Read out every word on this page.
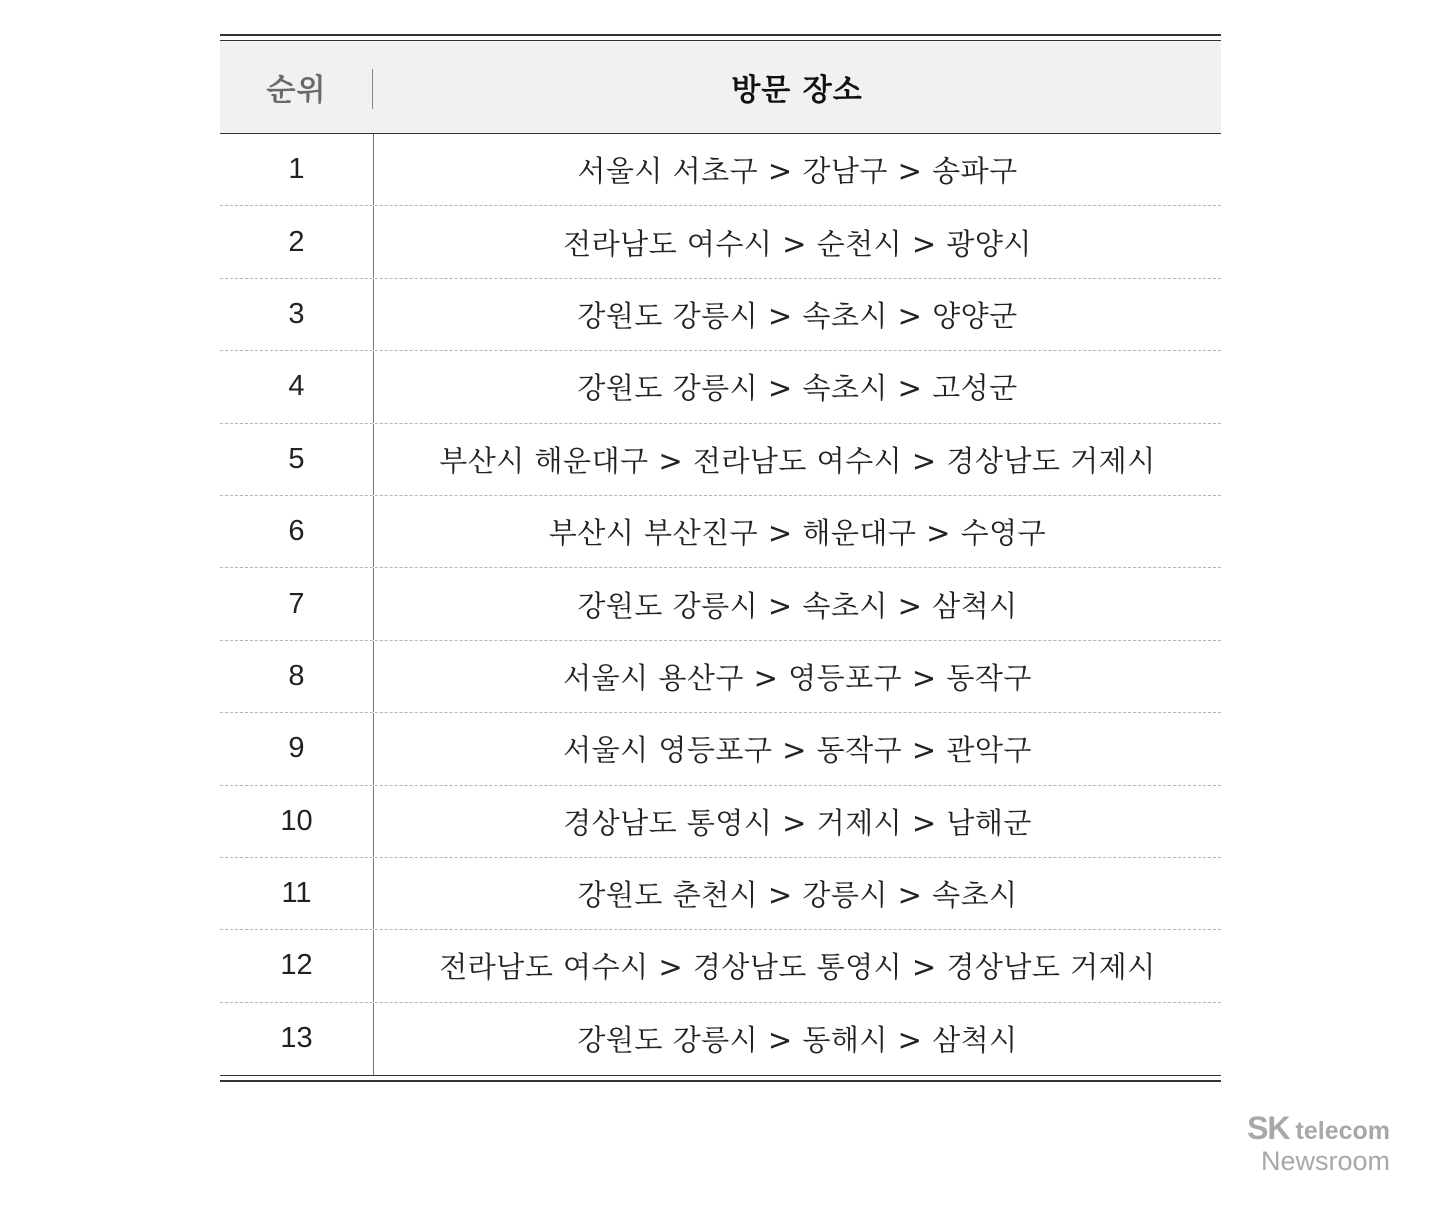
순위	방문 장소
1	서울시 서초구 > 강남구 > 송파구
2	전라남도 여수시 > 순천시 > 광양시
3	강원도 강릉시 > 속초시 > 양양군
4	강원도 강릉시 > 속초시 > 고성군
5	부산시 해운대구 > 전라남도 여수시 > 경상남도 거제시
6	부산시 부산진구 > 해운대구 > 수영구
7	강원도 강릉시 > 속초시 > 삼척시
8	서울시 용산구 > 영등포구 > 동작구
9	서울시 영등포구 > 동작구 > 관악구
10	경상남도 통영시 > 거제시 > 남해군
11	강원도 춘천시 > 강릉시 > 속초시
12	전라남도 여수시 > 경상남도 통영시 > 경상남도 거제시
13	강원도 강릉시 > 동해시 > 삼척시
SK telecom
Newsroom
